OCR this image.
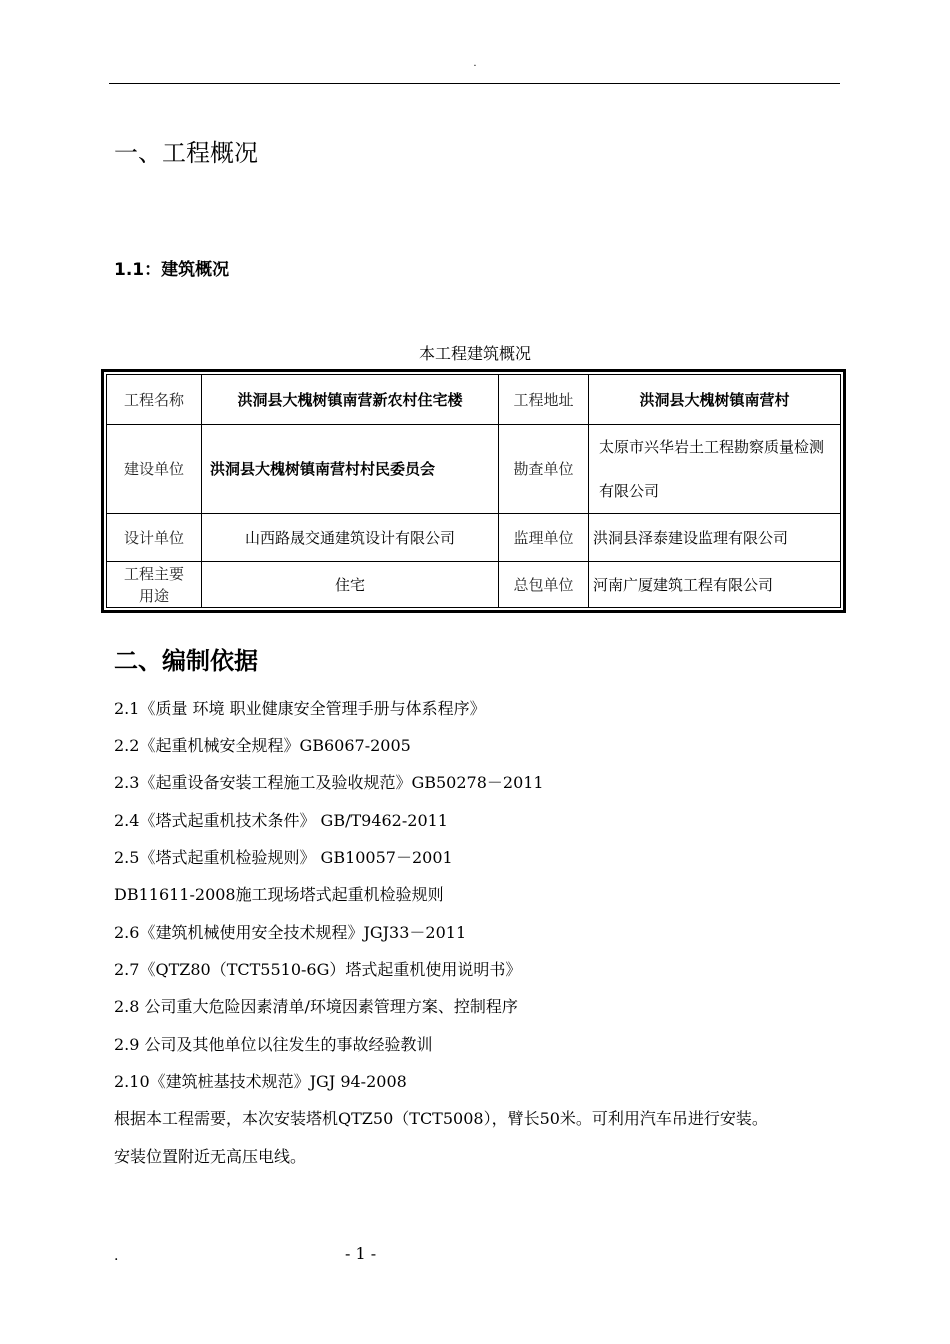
.
一、工程概况
1.1：建筑概况
本工程建筑概况
工程名称	洪洞县大槐树镇南营新农村住宅楼	工程地址	洪洞县大槐树镇南营村
建设单位	洪洞县大槐树镇南营村村民委员会	勘查单位	太原市兴华岩土工程勘察质量检测有限公司
设计单位	山西路晟交通建筑设计有限公司	监理单位	洪洞县泽泰建设监理有限公司
工程主要用途	住宅	总包单位	河南广厦建筑工程有限公司
二、编制依据
2.1《质量 环境 职业健康安全管理手册与体系程序》
2.2《起重机械安全规程》GB6067-2005
2.3《起重设备安装工程施工及验收规范》GB50278－2011
2.4《塔式起重机技术条件》 GB/T9462-2011
2.5《塔式起重机检验规则》 GB10057－2001
DB11611-2008施工现场塔式起重机检验规则
2.6《建筑机械使用安全技术规程》JGJ33－2011
2.7《QTZ80（TCT5510-6G）塔式起重机使用说明书》
2.8 公司重大危险因素清单/环境因素管理方案、控制程序
2.9 公司及其他单位以往发生的事故经验教训
2.10《建筑桩基技术规范》JGJ 94-2008
根据本工程需要，本次安装塔机QTZ50（TCT5008），臂长50米。可利用汽车吊进行安装。
安装位置附近无高压电线。
.	- 1 -
